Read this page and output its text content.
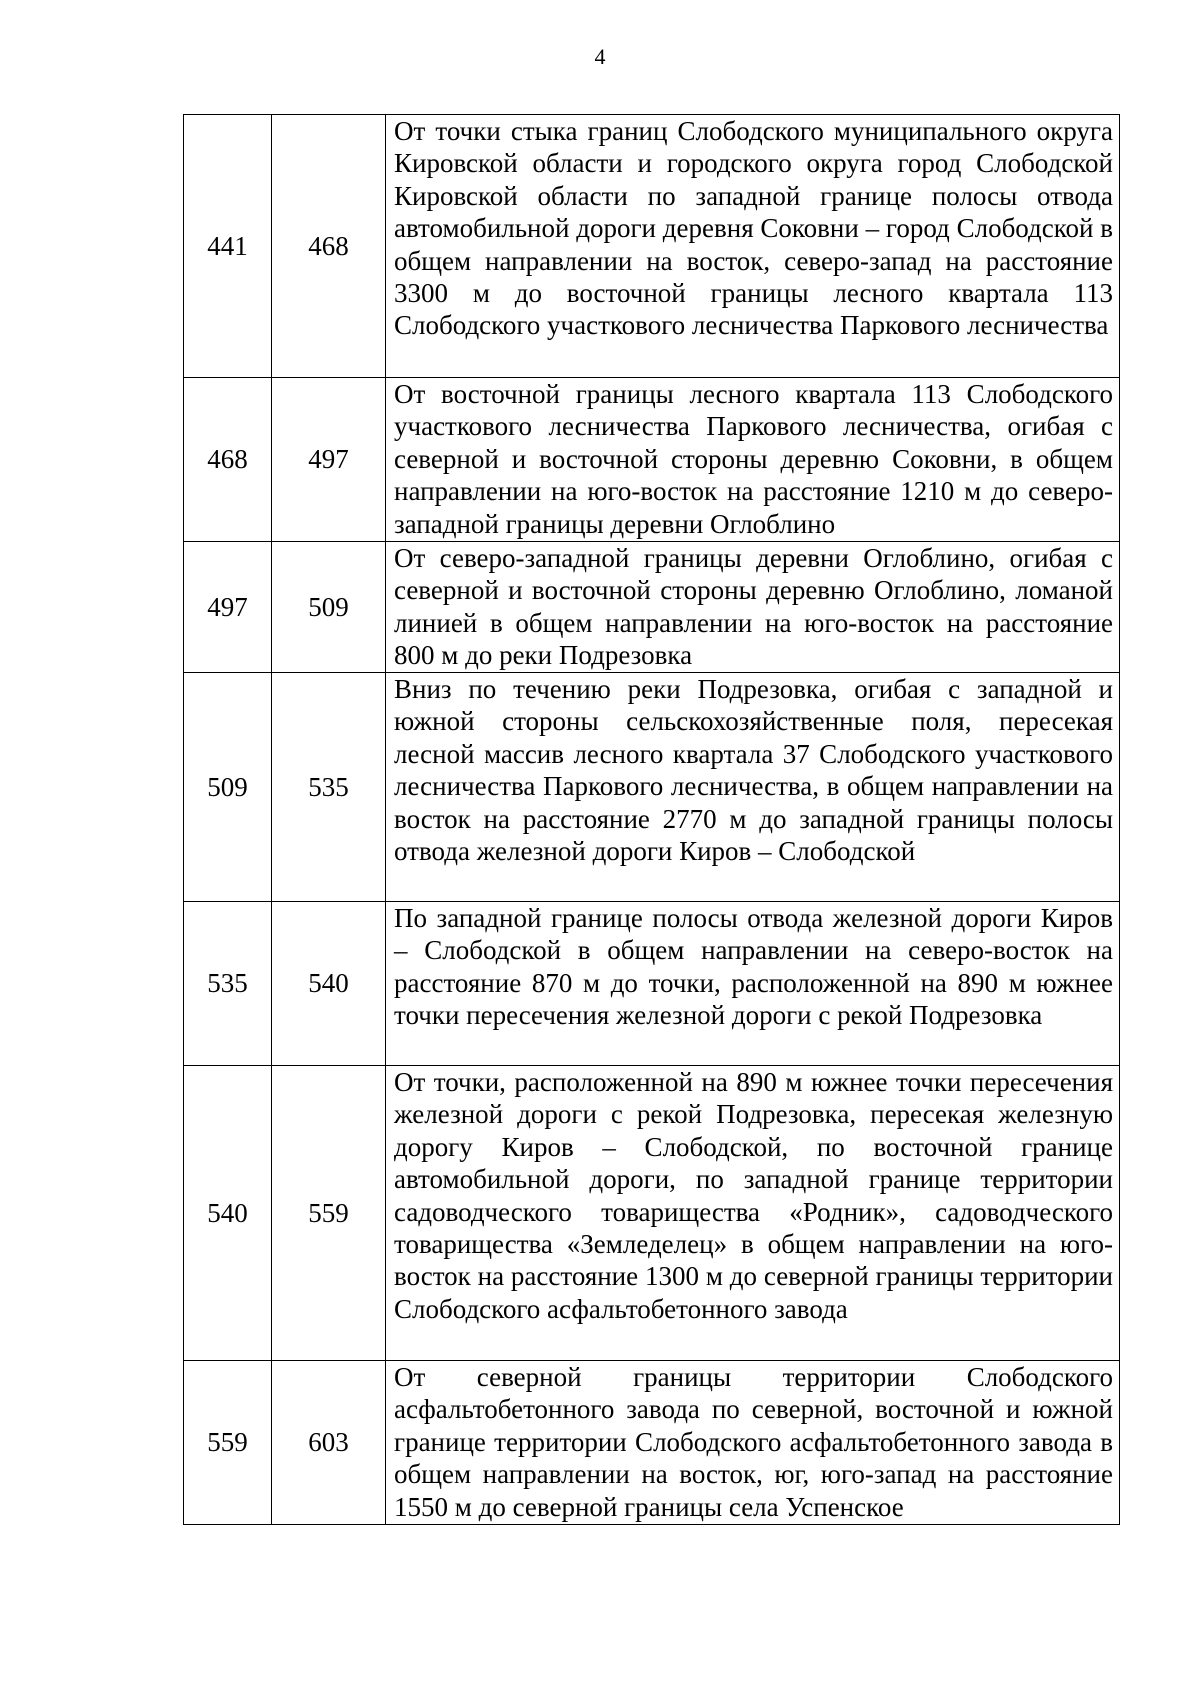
4
441	468	От точки стыка границ Слободского муниципального округа Кировской области и городского округа город Слободской Кировской области по западной границе полосы отвода автомобильной дороги деревня Соковни – город Слободской в общем направлении на восток, северо-запад на расстояние 3300 м до восточной границы лесного квартала 113 Слободского участкового лесничества Паркового лесничества

468	497	От восточной границы лесного квартала 113 Слободского участкового лесничества Паркового лесничества, огибая с северной и восточной стороны деревню Соковни, в общем направлении на юго-восток на расстояние 1210 м до северо-западной границы деревни Оглоблино

497	509	От северо-западной границы деревни Оглоблино, огибая с северной и восточной стороны деревню Оглоблино, ломаной линией в общем направлении на юго-восток на расстояние 800 м до реки Подрезовка

509	535	Вниз по течению реки Подрезовка, огибая с западной и южной стороны сельскохозяйственные поля, пересекая лесной массив лесного квартала 37 Слободского участкового лесничества Паркового лесничества, в общем направлении на восток на расстояние 2770 м до западной границы полосы отвода железной дороги Киров – Слободской

535	540	По западной границе полосы отвода железной дороги Киров – Слободской в общем направлении на северо-восток на расстояние 870 м до точки, расположенной на 890 м южнее точки пересечения железной дороги с рекой Подрезовка

540	559	От точки, расположенной на 890 м южнее точки пересечения железной дороги с рекой Подрезовка, пересекая железную дорогу Киров – Слободской, по восточной границе автомобильной дороги, по западной границе территории садоводческого товарищества «Родник», садоводческого товарищества «Земледелец» в общем направлении на юго-восток на расстояние 1300 м до северной границы территории Слободского асфальтобетонного завода

559	603	От северной границы территории Слободского асфальтобетонного завода по северной, восточной и южной границе территории Слободского асфальтобетонного завода в общем направлении на восток, юг, юго-запад на расстояние 1550 м до северной границы села Успенское
